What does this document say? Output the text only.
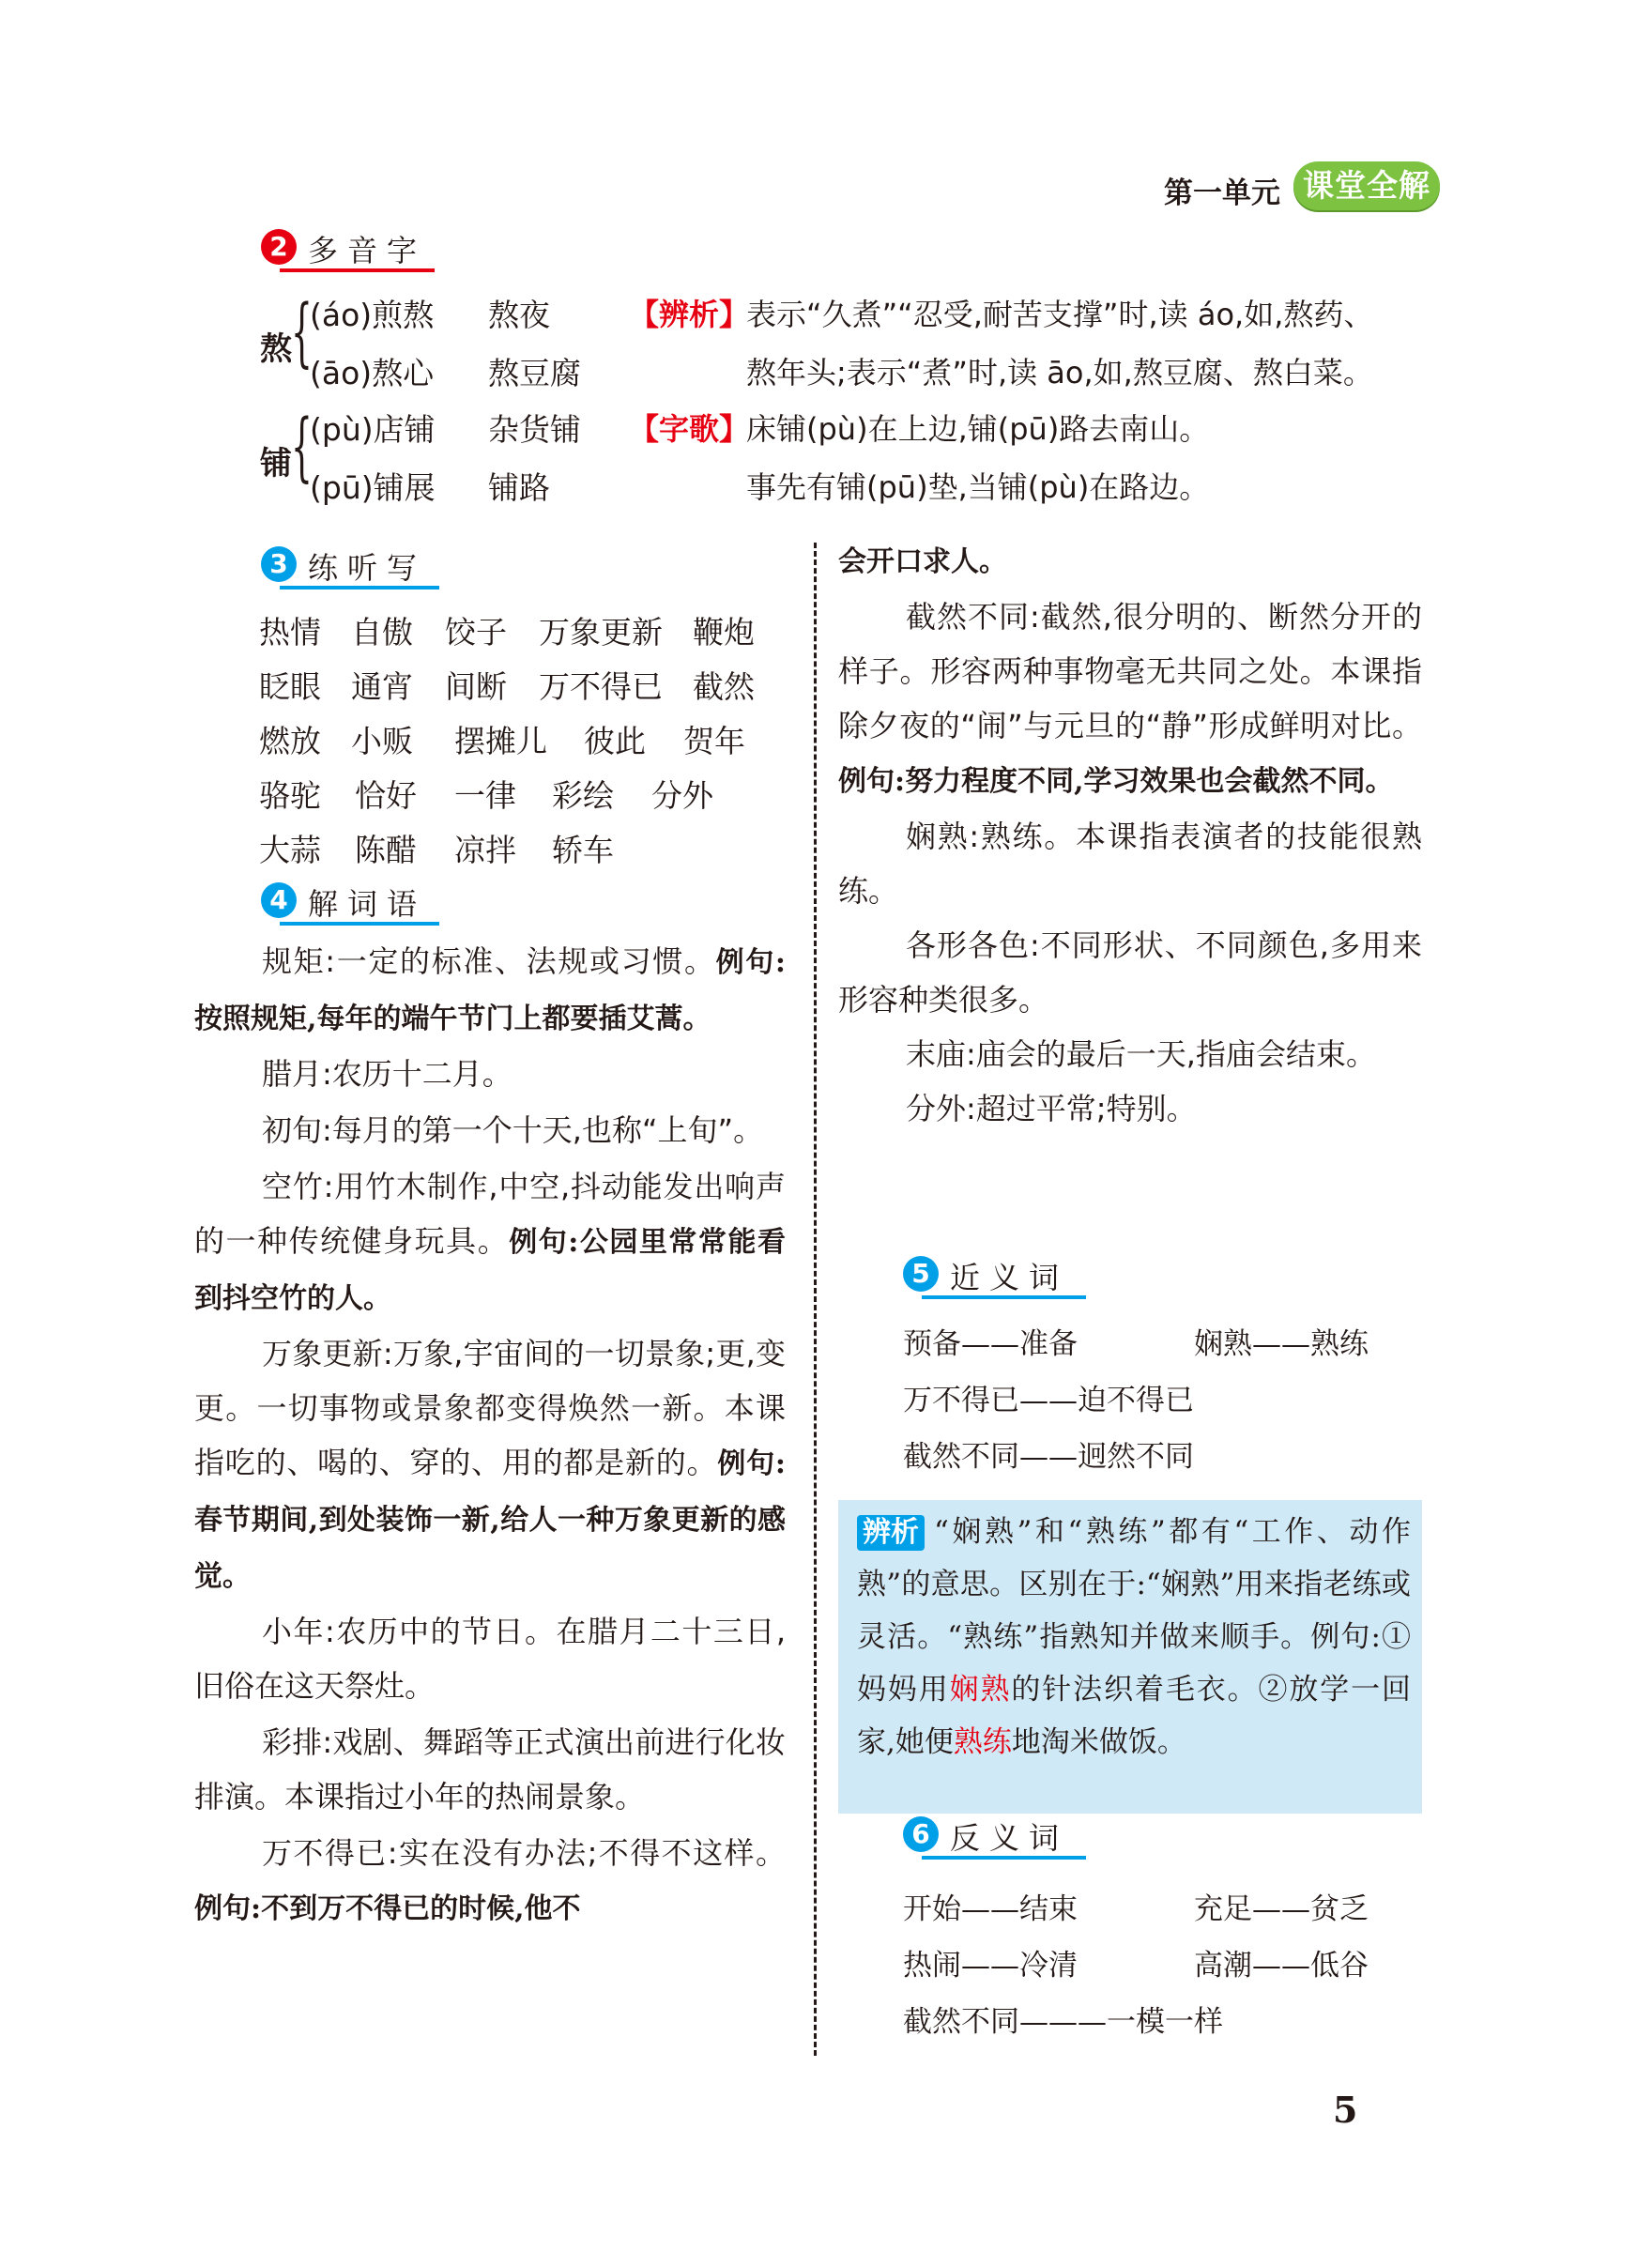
第一单元 课堂全解
2 多音字
熬 {
(áo)煎熬 熬夜
(āo)熬心 熬豆腐
【辨析】
表示“久煮”“忍受,耐苦支撑”时,读 áo,如,熬药、
熬年头;表示“煮”时,读 āo,如,熬豆腐、熬白菜。
铺 {
(pù)店铺 杂货铺
(pū)铺展 铺路
【字歌】
床铺(pù)在上边,铺(pū)路去南山。
事先有铺(pū)垫,当铺(pù)在路边。
3 练听写
热情 自傲 饺子 万象更新 鞭炮
眨眼 通宵 间断 万不得已 截然
燃放 小贩 摆摊儿 彼此 贺年
骆驼 恰好 一律 彩绘 分外
大蒜 陈醋 凉拌 轿车
4 解词语
规矩:一定的标准、法规或习惯。例句:按照规矩,每年的端午节门上都要插艾蒿。
腊月:农历十二月。
初旬:每月的第一个十天,也称“上旬”。
空竹:用竹木制作,中空,抖动能发出响声的一种传统健身玩具。例句:公园里常常能看到抖空竹的人。
万象更新:万象,宇宙间的一切景象;更,变更。一切事物或景象都变得焕然一新。本课指吃的、喝的、穿的、用的都是新的。例句:春节期间,到处装饰一新,给人一种万象更新的感觉。
小年:农历中的节日。在腊月二十三日,旧俗在这天祭灶。
彩排:戏剧、舞蹈等正式演出前进行化妆排演。本课指过小年的热闹景象。
万不得已:实在没有办法;不得不这样。例句:不到万不得已的时候,他不
会开口求人。
截然不同:截然,很分明的、断然分开的样子。形容两种事物毫无共同之处。本课指除夕夜的“闹”与元旦的“静”形成鲜明对比。例句:努力程度不同,学习效果也会截然不同。
娴熟:熟练。本课指表演者的技能很熟练。
各形各色:不同形状、不同颜色,多用来形容种类很多。
末庙:庙会的最后一天,指庙会结束。
分外:超过平常;特别。
5 近义词
预备——准备	娴熟——熟练
万不得已——迫不得已
截然不同——迥然不同
辨析 “娴熟”和“熟练”都有“工作、动作熟”的意思。区别在于:“娴熟”用来指老练或灵活。“熟练”指熟知并做来顺手。例句:①妈妈用娴熟的针法织着毛衣。②放学一回家,她便熟练地淘米做饭。
6 反义词
开始——结束	充足——贫乏
热闹——冷清	高潮——低谷
截然不同———一模一样
5
